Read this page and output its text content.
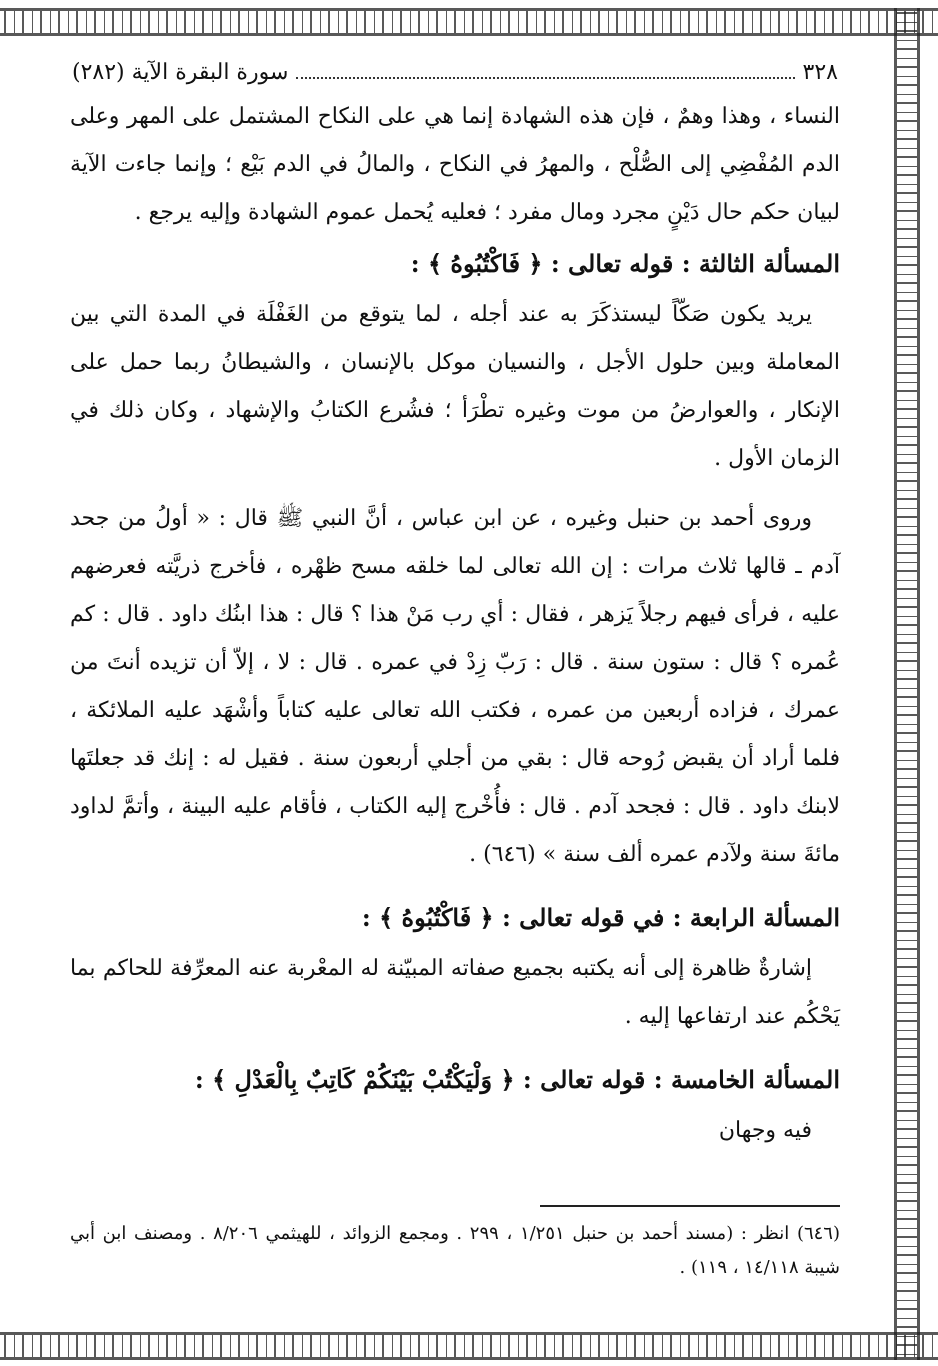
٣٢٨
سورة البقرة الآية (٢٨٢)

النساء ، وهذا وهمٌ ، فإن هذه الشهادة إنما هي على النكاح المشتمل على المهر وعلى الدم المُفْضِي إلى الصُّلْح ، والمهرُ في النكاح ، والمالُ في الدم بَيْع ؛ وإنما جاءت الآية لبيان حكم حال دَيْنٍ مجرد ومال مفرد ؛ فعليه يُحمل عموم الشهادة وإليه يرجع .

المسألة الثالثة : قوله تعالى : ﴿ فَاكْتُبُوهُ ﴾ :

يريد يكون صَكّاً ليستذكَرَ به عند أجله ، لما يتوقع من الغَفْلَة في المدة التي بين المعاملة وبين حلول الأجل ، والنسيان موكل بالإنسان ، والشيطانُ ربما حمل على الإنكار ، والعوارضُ من موت وغيره تطْرَأ ؛ فشُرع الكتابُ والإشهاد ، وكان ذلك في الزمان الأول .

وروى أحمد بن حنبل وغيره ، عن ابن عباس ، أنَّ النبي ﷺ قال : « أولُ من جحد آدم ـ قالها ثلاث مرات : إن الله تعالى لما خلقه مسح ظهْره ، فأخرج ذريَّته فعرضهم عليه ، فرأى فيهم رجلاً يَزهر ، فقال : أي رب مَنْ هذا ؟ قال : هذا ابنُك داود . قال : كم عُمره ؟ قال : ستون سنة . قال : رَبّ زِدْ في عمره . قال : لا ، إلاّ أن تزيده أنتَ من عمرك ، فزاده أربعين من عمره ، فكتب الله تعالى عليه كتاباً وأشْهَد عليه الملائكة ، فلما أراد أن يقبض رُوحه قال : بقي من أجلي أربعون سنة . فقيل له : إنك قد جعلتَها لابنك داود . قال : فجحد آدم . قال : فأُخْرج إليه الكتاب ، فأقام عليه البينة ، وأتمَّ لداود مائةَ سنة ولآدم عمره ألف سنة » (٦٤٦) .

المسألة الرابعة : في قوله تعالى : ﴿ فَاكْتُبُوهُ ﴾ :

إشارةٌ ظاهرة إلى أنه يكتبه بجميع صفاته المبيّنة له المعْربة عنه المعرِّفة للحاكم بما يَحْكُم عند ارتفاعها إليه .

المسألة الخامسة : قوله تعالى : ﴿ وَلْيَكْتُبْ بَيْنَكُمْ كَاتِبٌ بِالْعَدْلِ ﴾ :

فيه وجهان

(٦٤٦) انظر : (مسند أحمد بن حنبل ١/٢٥١ ، ٢٩٩ . ومجمع الزوائد ، للهيثمي ٨/٢٠٦ . ومصنف ابن أبي شيبة ١٤/١١٨ ، ١١٩) .
